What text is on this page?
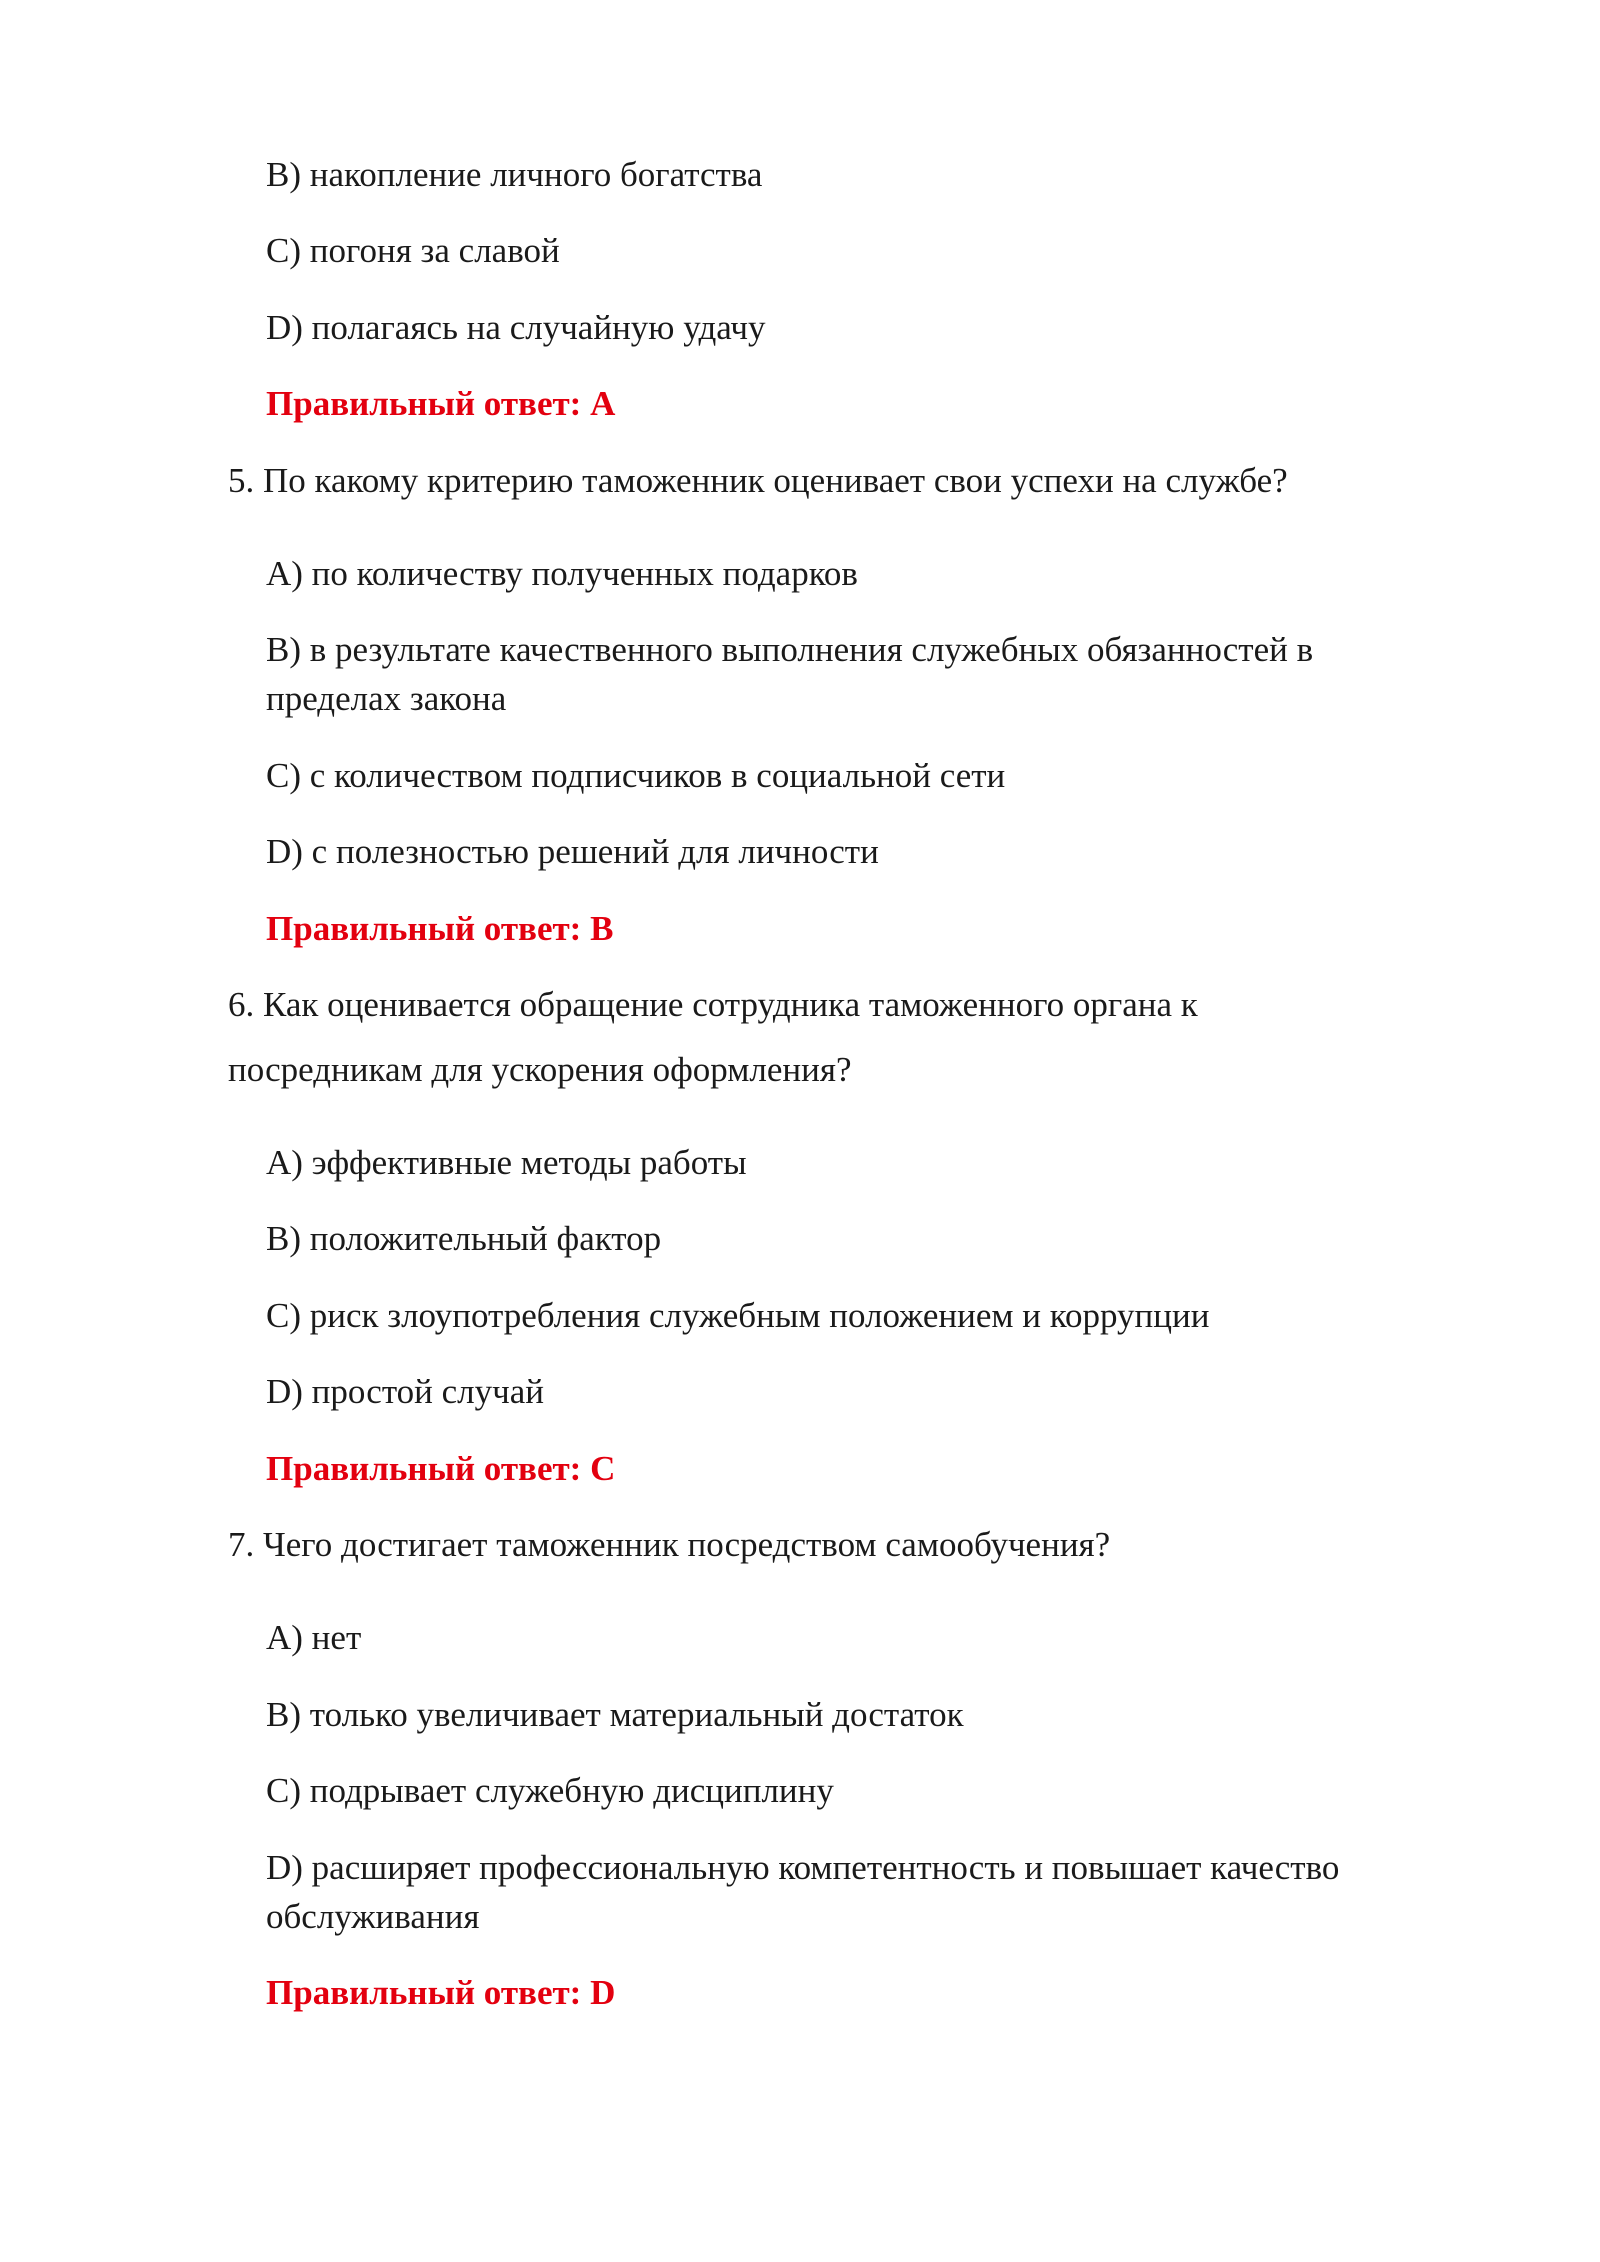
B) накопление личного богатства
C) погоня за славой
D) полагаясь на случайную удачу
Правильный ответ: A
5. По какому критерию таможенник оценивает свои успехи на службе?
A) по количеству полученных подарков
B) в результате качественного выполнения служебных обязанностей в
пределах закона
C) с количеством подписчиков в социальной сети
D) с полезностью решений для личности
Правильный ответ: B
6. Как оценивается обращение сотрудника таможенного органа к
посредникам для ускорения оформления?
A) эффективные методы работы
B) положительный фактор
C) риск злоупотребления служебным положением и коррупции
D) простой случай
Правильный ответ: C
7. Чего достигает таможенник посредством самообучения?
A) нет
B) только увеличивает материальный достаток
C) подрывает служебную дисциплину
D) расширяет профессиональную компетентность и повышает качество
обслуживания
Правильный ответ: D
